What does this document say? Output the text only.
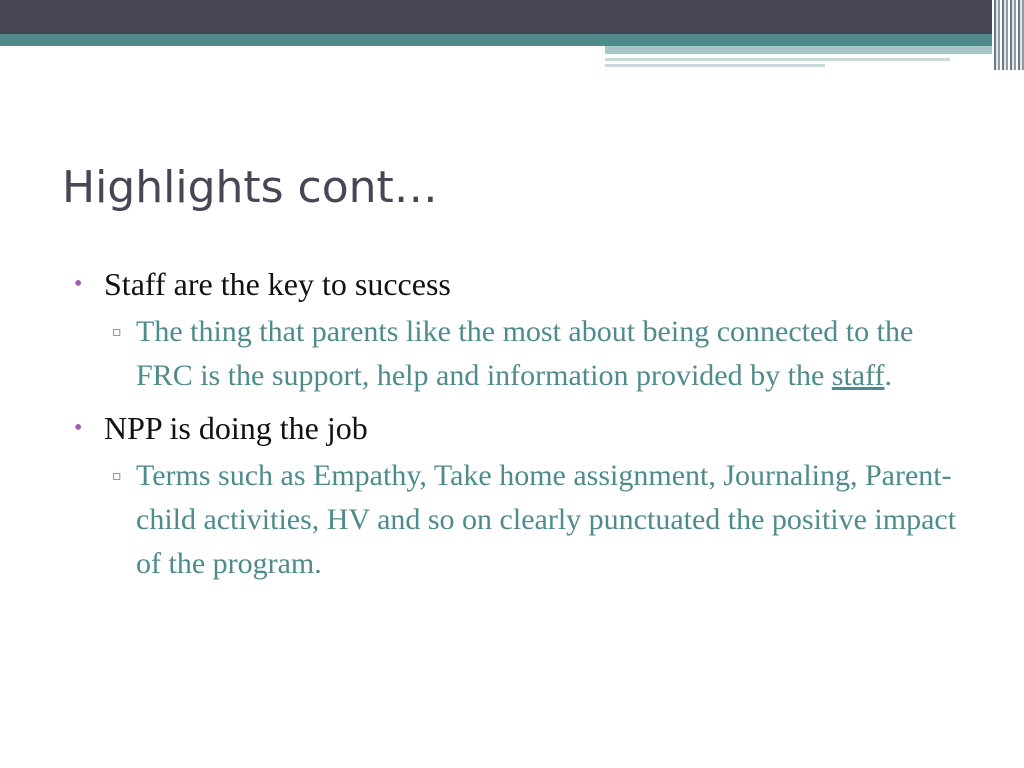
Highlights cont…
• Staff are the key to success
▫ The thing that parents like the most about being connected to the FRC is the support, help and information provided by the staff.
• NPP is doing the job
▫ Terms such as Empathy, Take home assignment, Journaling, Parent-child activities, HV and so on clearly punctuated the positive impact of the program.
